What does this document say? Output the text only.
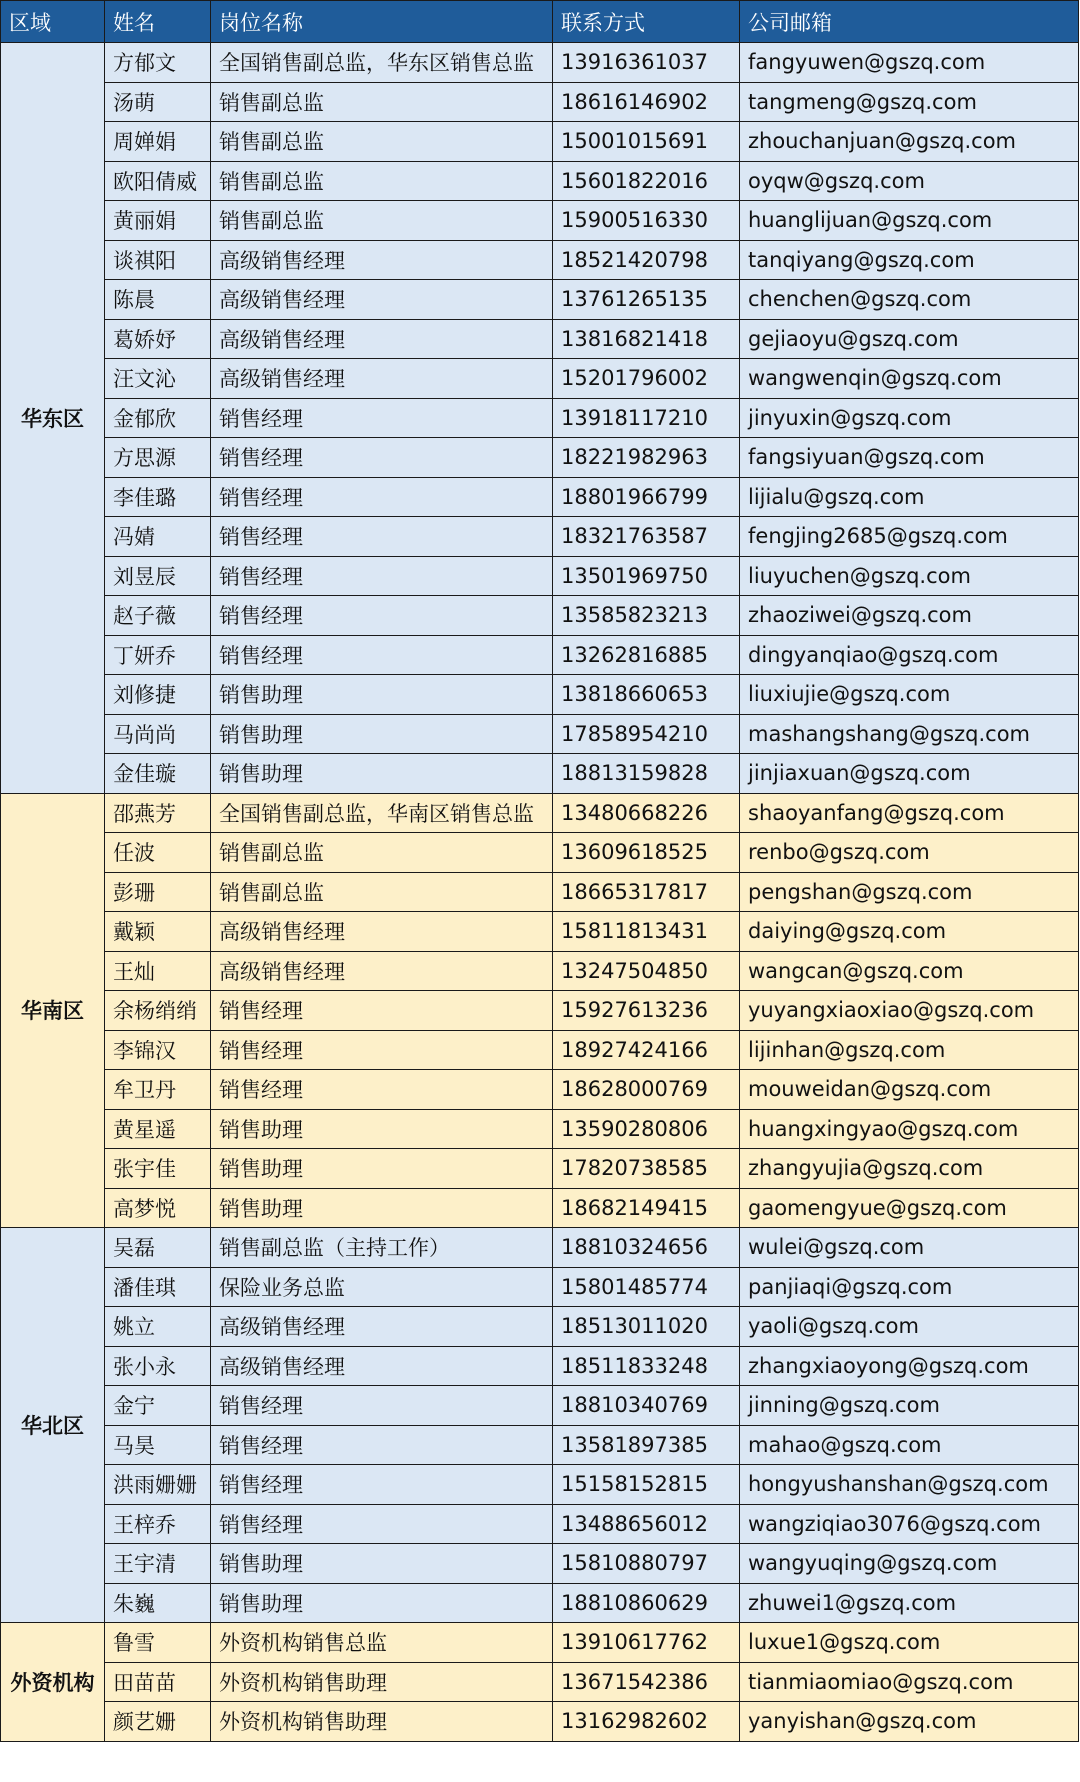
区域	姓名	岗位名称	联系方式	公司邮箱
华东区	方郁文	全国销售副总监，华东区销售总监	13916361037	fangyuwen@gszq.com
	汤萌	销售副总监	18616146902	tangmeng@gszq.com
	周婵娟	销售副总监	15001015691	zhouchanjuan@gszq.com
	欧阳倩威	销售副总监	15601822016	oyqw@gszq.com
	黄丽娟	销售副总监	15900516330	huanglijuan@gszq.com
	谈祺阳	高级销售经理	18521420798	tanqiyang@gszq.com
	陈晨	高级销售经理	13761265135	chenchen@gszq.com
	葛娇妤	高级销售经理	13816821418	gejiaoyu@gszq.com
	汪文沁	高级销售经理	15201796002	wangwenqin@gszq.com
	金郁欣	销售经理	13918117210	jinyuxin@gszq.com
	方思源	销售经理	18221982963	fangsiyuan@gszq.com
	李佳璐	销售经理	18801966799	lijialu@gszq.com
	冯婧	销售经理	18321763587	fengjing2685@gszq.com
	刘昱辰	销售经理	13501969750	liuyuchen@gszq.com
	赵子薇	销售经理	13585823213	zhaoziwei@gszq.com
	丁妍乔	销售经理	13262816885	dingyanqiao@gszq.com
	刘修捷	销售助理	13818660653	liuxiujie@gszq.com
	马尚尚	销售助理	17858954210	mashangshang@gszq.com
	金佳璇	销售助理	18813159828	jinjiaxuan@gszq.com
华南区	邵燕芳	全国销售副总监，华南区销售总监	13480668226	shaoyanfang@gszq.com
	任波	销售副总监	13609618525	renbo@gszq.com
	彭珊	销售副总监	18665317817	pengshan@gszq.com
	戴颖	高级销售经理	15811813431	daiying@gszq.com
	王灿	高级销售经理	13247504850	wangcan@gszq.com
	余杨绡绡	销售经理	15927613236	yuyangxiaoxiao@gszq.com
	李锦汉	销售经理	18927424166	lijinhan@gszq.com
	牟卫丹	销售经理	18628000769	mouweidan@gszq.com
	黄星遥	销售助理	13590280806	huangxingyao@gszq.com
	张宇佳	销售助理	17820738585	zhangyujia@gszq.com
	高梦悦	销售助理	18682149415	gaomengyue@gszq.com
华北区	吴磊	销售副总监（主持工作）	18810324656	wulei@gszq.com
	潘佳琪	保险业务总监	15801485774	panjiaqi@gszq.com
	姚立	高级销售经理	18513011020	yaoli@gszq.com
	张小永	高级销售经理	18511833248	zhangxiaoyong@gszq.com
	金宁	销售经理	18810340769	jinning@gszq.com
	马昊	销售经理	13581897385	mahao@gszq.com
	洪雨姗姗	销售经理	15158152815	hongyushanshan@gszq.com
	王梓乔	销售经理	13488656012	wangziqiao3076@gszq.com
	王宇清	销售助理	15810880797	wangyuqing@gszq.com
	朱巍	销售助理	18810860629	zhuwei1@gszq.com
外资机构	鲁雪	外资机构销售总监	13910617762	luxue1@gszq.com
	田苗苗	外资机构销售助理	13671542386	tianmiaomiao@gszq.com
	颜艺姗	外资机构销售助理	13162982602	yanyishan@gszq.com
